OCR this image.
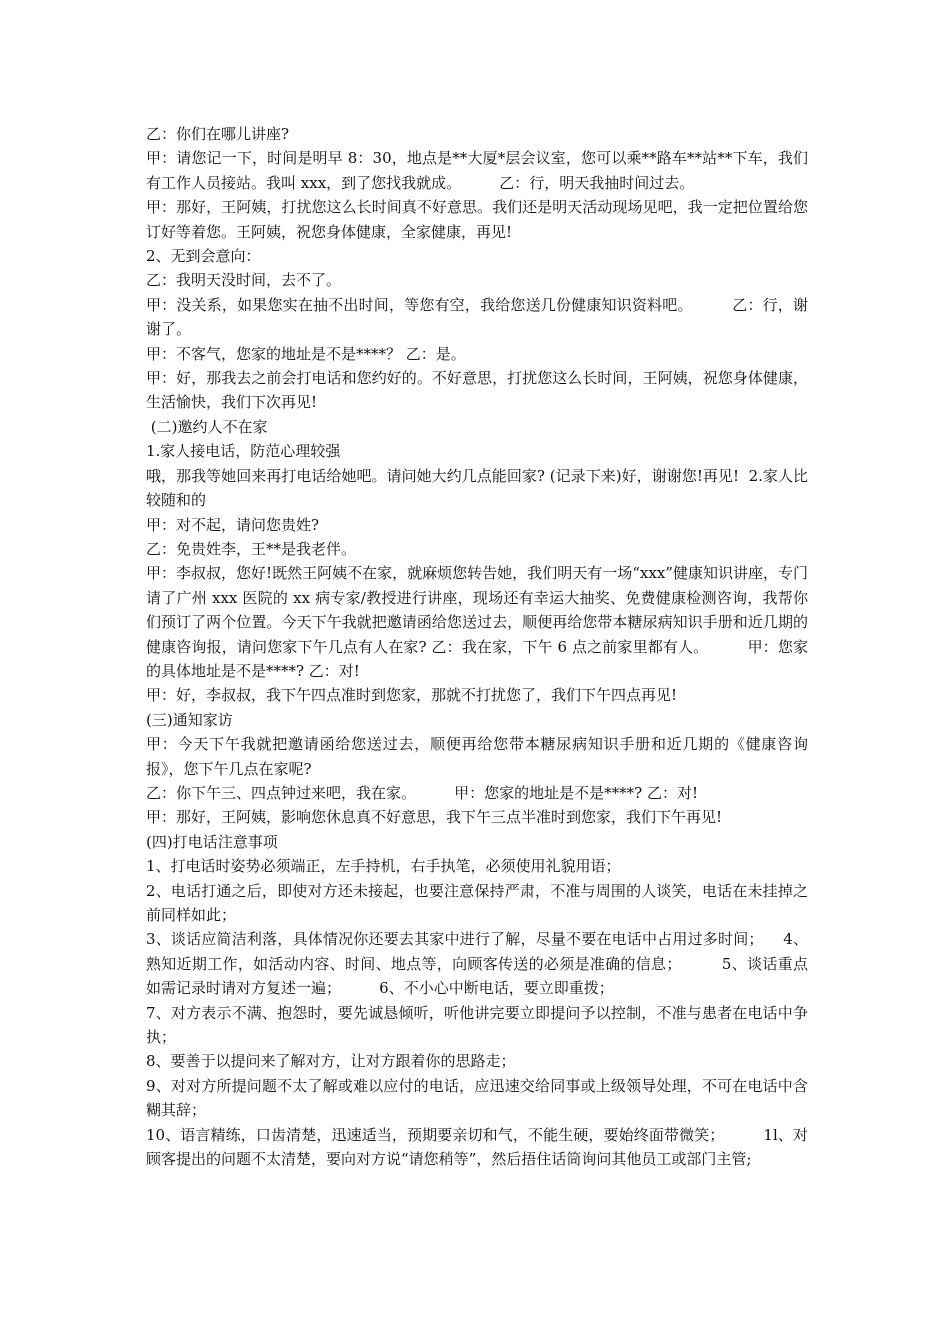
乙：你们在哪儿讲座?

甲：请您记一下，时间是明早 8：30，地点是**大厦*层会议室，您可以乘**路车**站**下车，我们有工作人员接站。我叫 xxx，到了您找我就成。        乙：行，明天我抽时间过去。

甲：那好，王阿姨，打扰您这么长时间真不好意思。我们还是明天活动现场见吧，我一定把位置给您订好等着您。王阿姨，祝您身体健康，全家健康，再见!

2、无到会意向：

乙：我明天没时间，去不了。

甲：没关系，如果您实在抽不出时间，等您有空，我给您送几份健康知识资料吧。        乙：行，谢谢了。

甲：不客气，您家的地址是不是****？ 乙：是。

甲：好，那我去之前会打电话和您约好的。不好意思，打扰您这么长时间，王阿姨，祝您身体健康，生活愉快，我们下次再见!

(二)邀约人不在家

1.家人接电话，防范心理较强

哦，那我等她回来再打电话给她吧。请问她大约几点能回家? (记录下来)好，谢谢您!再见!  2.家人比较随和的

甲：对不起，请问您贵姓?

乙：免贵姓李，王**是我老伴。

甲：李叔叔，您好!既然王阿姨不在家，就麻烦您转告她，我们明天有一场“xxx”健康知识讲座，专门请了广州 xxx 医院的 xx 病专家/教授进行讲座，现场还有幸运大抽奖、免费健康检测咨询，我帮你们预订了两个位置。今天下午我就把邀请函给您送过去，顺便再给您带本糖尿病知识手册和近几期的健康咨询报，请问您家下午几点有人在家? 乙：我在家，下午 6 点之前家里都有人。        甲：您家的具体地址是不是****? 乙：对!

甲：好，李叔叔，我下午四点准时到您家，那就不打扰您了，我们下午四点再见!

(三)通知家访

甲：今天下午我就把邀请函给您送过去，顺便再给您带本糖尿病知识手册和近几期的《健康咨询报》，您下午几点在家呢?

乙：你下午三、四点钟过来吧，我在家。        甲：您家的地址是不是****? 乙：对!

甲：那好，王阿姨，影响您休息真不好意思，我下午三点半准时到您家，我们下午再见!

(四)打电话注意事项

1、打电话时姿势必须端正，左手持机，右手执笔，必须使用礼貌用语；

2、电话打通之后，即使对方还未接起，也要注意保持严肃，不准与周围的人谈笑，电话在未挂掉之前同样如此；

3、谈话应简洁利落，具体情况你还要去其家中进行了解，尽量不要在电话中占用过多时间；    4、熟知近期工作，如活动内容、时间、地点等，向顾客传送的必须是准确的信息；        5、谈话重点如需记录时请对方复述一遍；        6、不小心中断电话，要立即重拨；

7、对方表示不满、抱怨时，要先诚恳倾听，听他讲完要立即提问予以控制，不准与患者在电话中争执；

8、要善于以提问来了解对方，让对方跟着你的思路走；

9、对对方所提问题不太了解或难以应付的电话，应迅速交给同事或上级领导处理，不可在电话中含糊其辞；

10、语言精练，口齿清楚，迅速适当，预期要亲切和气，不能生硬，要始终面带微笑；        1l、对顾客提出的问题不太清楚，要向对方说“请您稍等”，然后捂住话筒询问其他员工或部门主管;
